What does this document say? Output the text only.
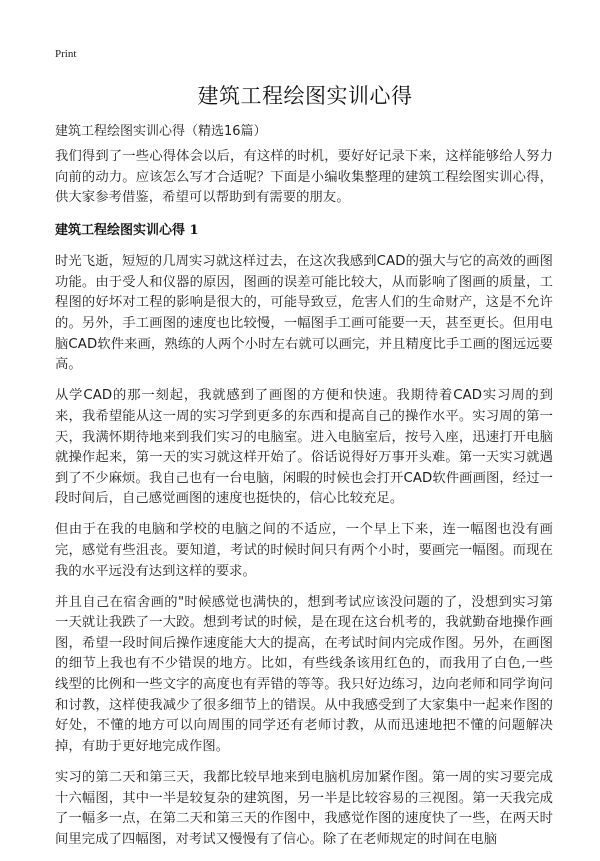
Print
建筑工程绘图实训心得

建筑工程绘图实训心得（精选16篇）

我们得到了一些心得体会以后，有这样的时机，要好好记录下来，这样能够给人努力向前的动力。应该怎么写才合适呢？下面是小编收集整理的建筑工程绘图实训心得，供大家参考借鉴，希望可以帮助到有需要的朋友。

建筑工程绘图实训心得 1

时光飞逝，短短的几周实习就这样过去，在这次我感到CAD的强大与它的高效的画图功能。由于受人和仪器的原因，图画的误差可能比较大，从而影响了图画的质量，工程图的好坏对工程的影响是很大的，可能导致豆，危害人们的生命财产，这是不允许的。另外，手工画图的速度也比较慢，一幅图手工画可能要一天，甚至更长。但用电脑CAD软件来画，熟练的人两个小时左右就可以画完，并且精度比手工画的图远远要高。

从学CAD的那一刻起，我就感到了画图的方便和快速。我期待着CAD实习周的到来，我希望能从这一周的实习学到更多的东西和提高自己的操作水平。实习周的第一天，我满怀期待地来到我们实习的电脑室。进入电脑室后，按号入座，迅速打开电脑就操作起来，第一天的实习就这样开始了。俗话说得好万事开头难。第一天实习就遇到了不少麻烦。我自己也有一台电脑，闲暇的时候也会打开CAD软件画画图，经过一段时间后，自己感觉画图的速度也挺快的，信心比较充足。

但由于在我的电脑和学校的电脑之间的不适应，一个早上下来，连一幅图也没有画完，感觉有些沮丧。要知道，考试的时候时间只有两个小时，要画完一幅图。而现在我的水平远没有达到这样的要求。

并且自己在宿舍画的"时候感觉也满快的，想到考试应该没问题的了，没想到实习第一天就让我跌了一大跤。想到考试的时候，是在现在这台机考的，我就勤奋地操作画图，希望一段时间后操作速度能大大的提高，在考试时间内完成作图。另外，在画图的细节上我也有不少错误的地方。比如，有些线条该用红色的，而我用了白色,一些线型的比例和一些文字的高度也有弄错的等等。我只好边练习，边向老师和同学询问和讨教，这样使我减少了很多细节上的错误。从中我感受到了大家集中一起来作图的好处，不懂的地方可以向周围的同学还有老师讨教，从而迅速地把不懂的问题解决掉，有助于更好地完成作图。

实习的第二天和第三天，我都比较早地来到电脑机房加紧作图。第一周的实习要完成十六幅图，其中一半是较复杂的建筑图，另一半是比较容易的三视图。第一天我完成了一幅多一点，在第二天和第三天的作图中，我感觉作图的速度快了一些，在两天时间里完成了四幅图，对考试又慢慢有了信心。除了在老师规定的时间在电脑
